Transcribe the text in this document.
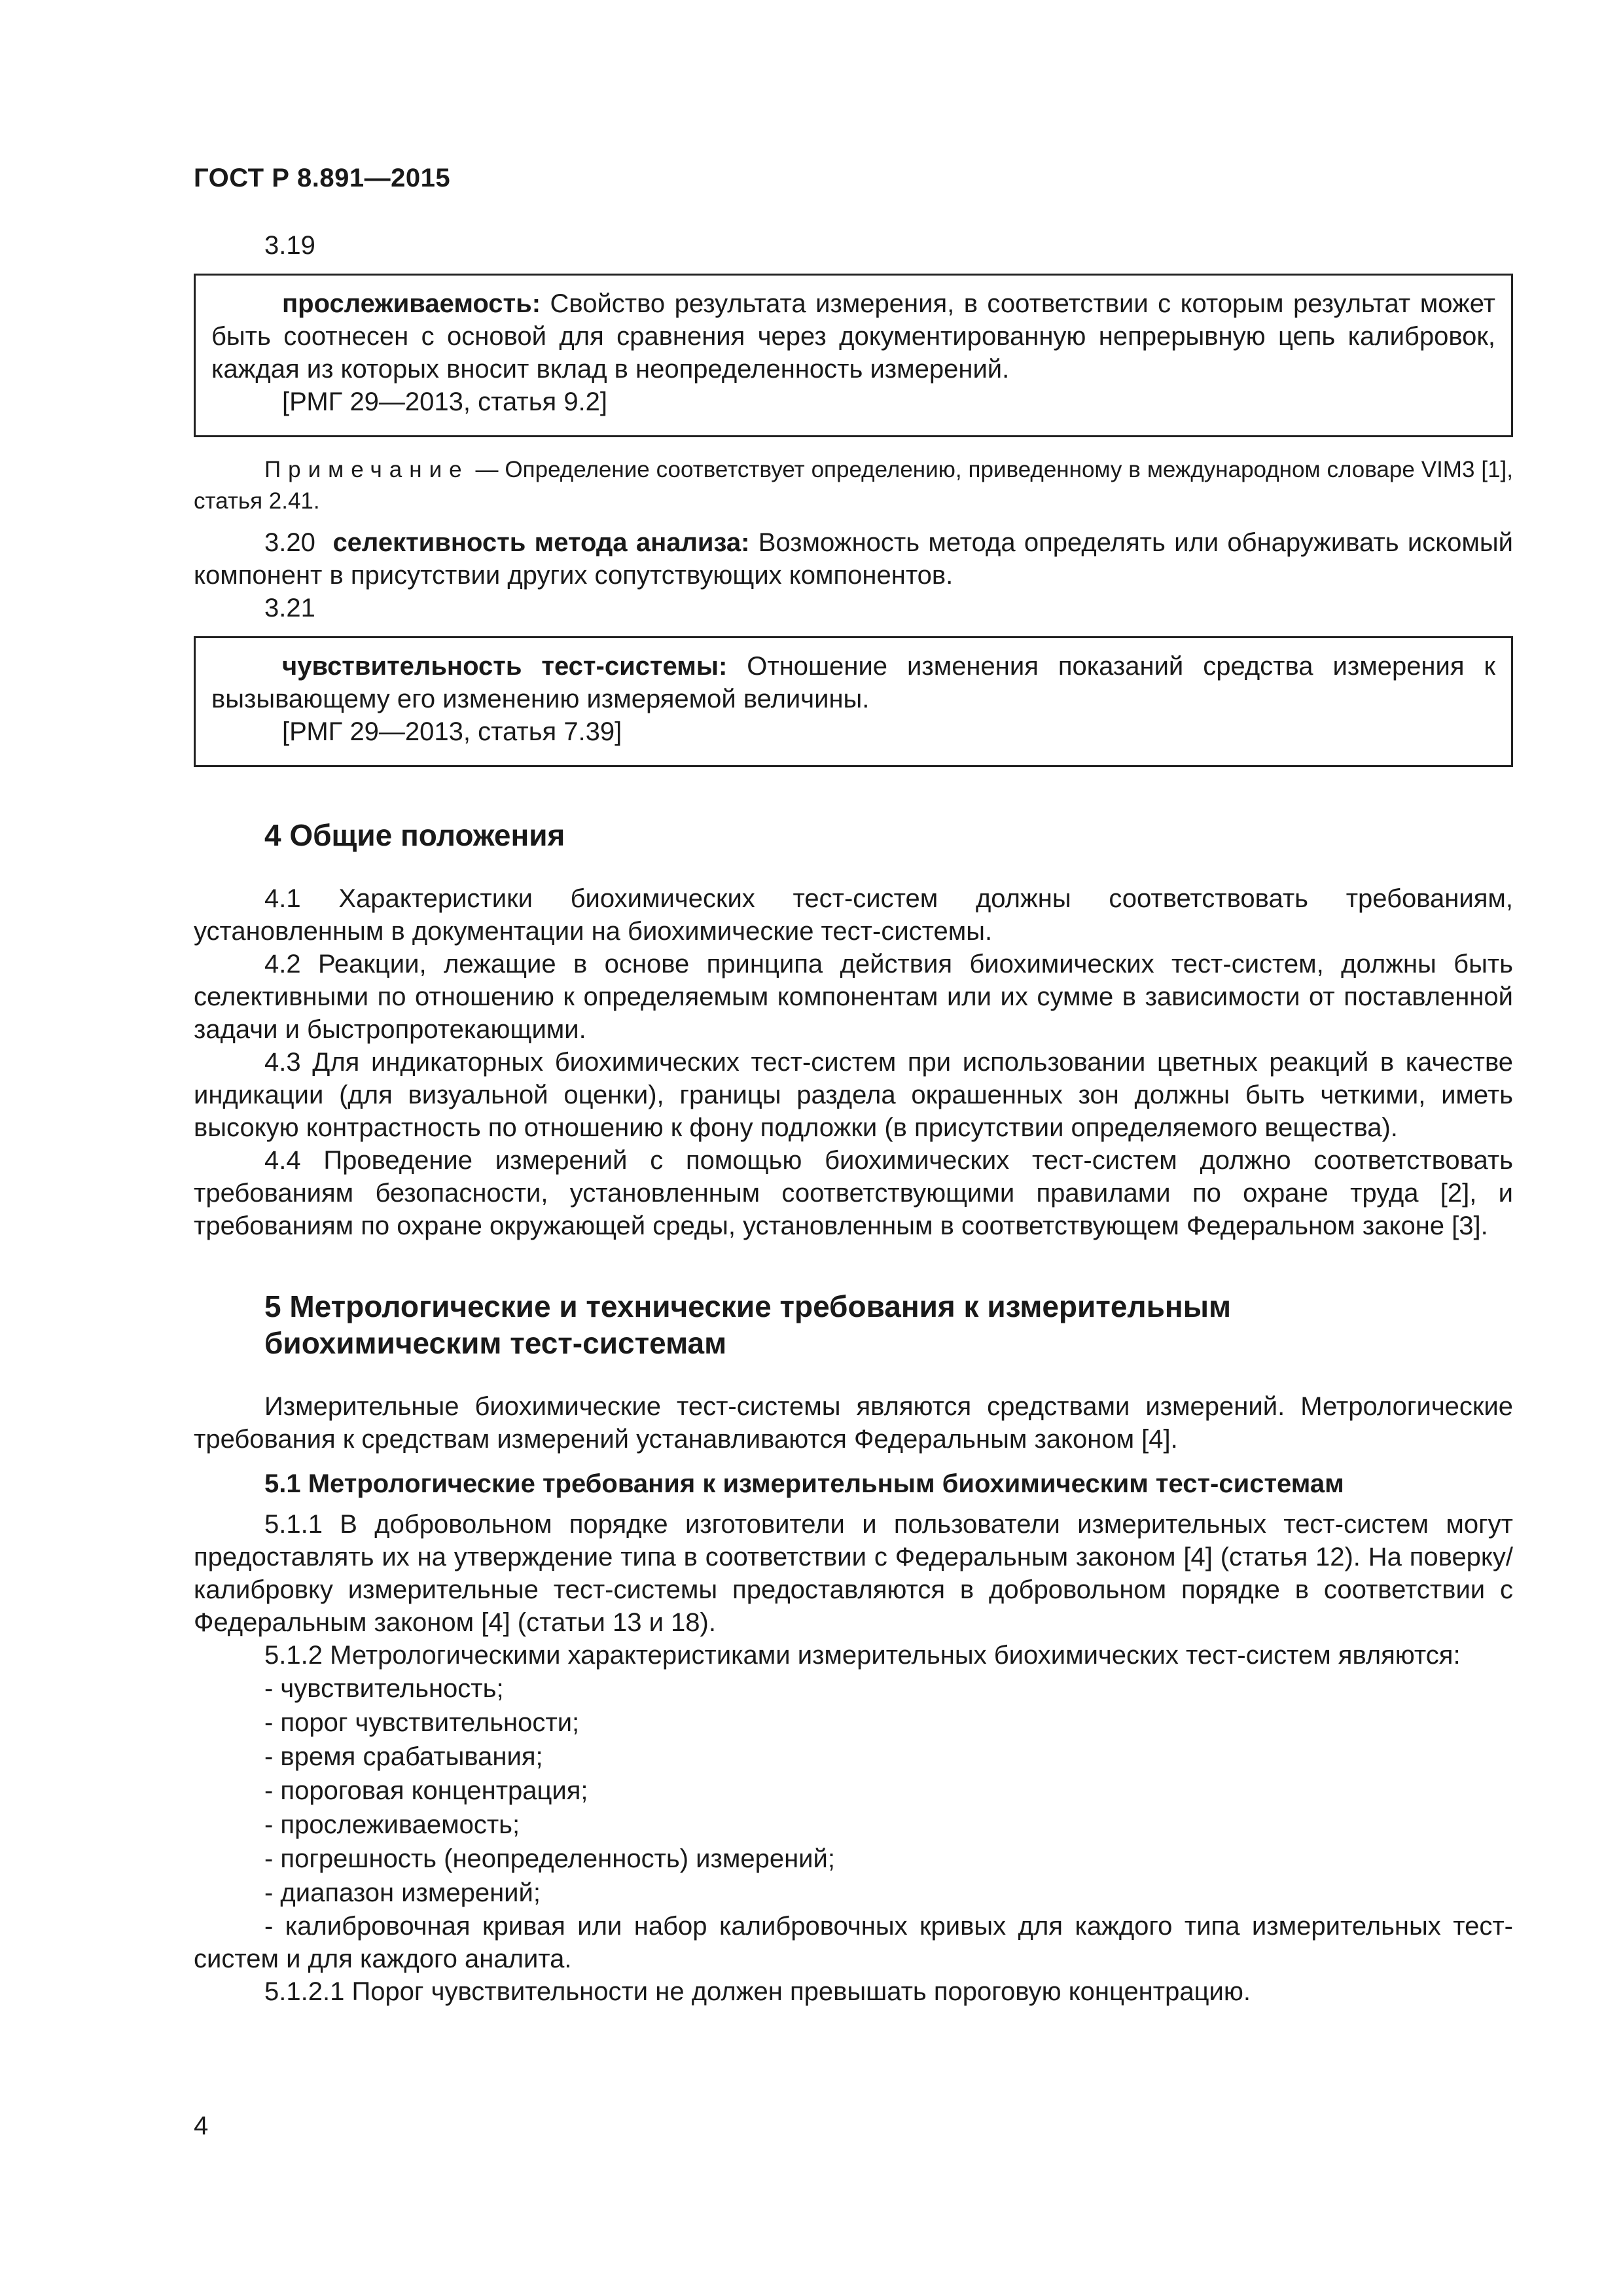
ГОСТ Р 8.891—2015

3.19

прослеживаемость: Свойство результата измерения, в соответствии с которым результат может быть соотнесен с основой для сравнения через документированную непрерывную цепь калибровок, каждая из которых вносит вклад в неопределенность измерений.

[РМГ 29—2013, статья 9.2]

Примечание — Определение соответствует определению, приведенному в международном словаре VIM3 [1], статья 2.41.

3.20 селективность метода анализа: Возможность метода определять или обнаруживать искомый компонент в присутствии других сопутствующих компонентов.

3.21

чувствительность тест-системы: Отношение изменения показаний средства измерения к вызывающему его изменению измеряемой величины.

[РМГ 29—2013, статья 7.39]

4 Общие положения

4.1 Характеристики биохимических тест-систем должны соответствовать требованиям, установленным в документации на биохимические тест-системы.

4.2 Реакции, лежащие в основе принципа действия биохимических тест-систем, должны быть селективными по отношению к определяемым компонентам или их сумме в зависимости от поставленной задачи и быстропротекающими.

4.3 Для индикаторных биохимических тест-систем при использовании цветных реакций в качестве индикации (для визуальной оценки), границы раздела окрашенных зон должны быть четкими, иметь высокую контрастность по отношению к фону подложки (в присутствии определяемого вещества).

4.4 Проведение измерений с помощью биохимических тест-систем должно соответствовать требованиям безопасности, установленным соответствующими правилами по охране труда [2], и требованиям по охране окружающей среды, установленным в соответствующем Федеральном законе [3].

5 Метрологические и технические требования к измерительным биохимическим тест-системам

Измерительные биохимические тест-системы являются средствами измерений. Метрологические требования к средствам измерений устанавливаются Федеральным законом [4].

5.1 Метрологические требования к измерительным биохимическим тест-системам

5.1.1 В добровольном порядке изготовители и пользователи измерительных тест-систем могут предоставлять их на утверждение типа в соответствии с Федеральным законом [4] (статья 12). На поверку/калибровку измерительные тест-системы предоставляются в добровольном порядке в соответствии с Федеральным законом [4] (статьи 13 и 18).

5.1.2 Метрологическими характеристиками измерительных биохимических тест-систем являются:

- чувствительность;
- порог чувствительности;
- время срабатывания;
- пороговая концентрация;
- прослеживаемость;
- погрешность (неопределенность) измерений;
- диапазон измерений;

- калибровочная кривая или набор калибровочных кривых для каждого типа измерительных тест-систем и для каждого аналита.

5.1.2.1 Порог чувствительности не должен превышать пороговую концентрацию.

4
